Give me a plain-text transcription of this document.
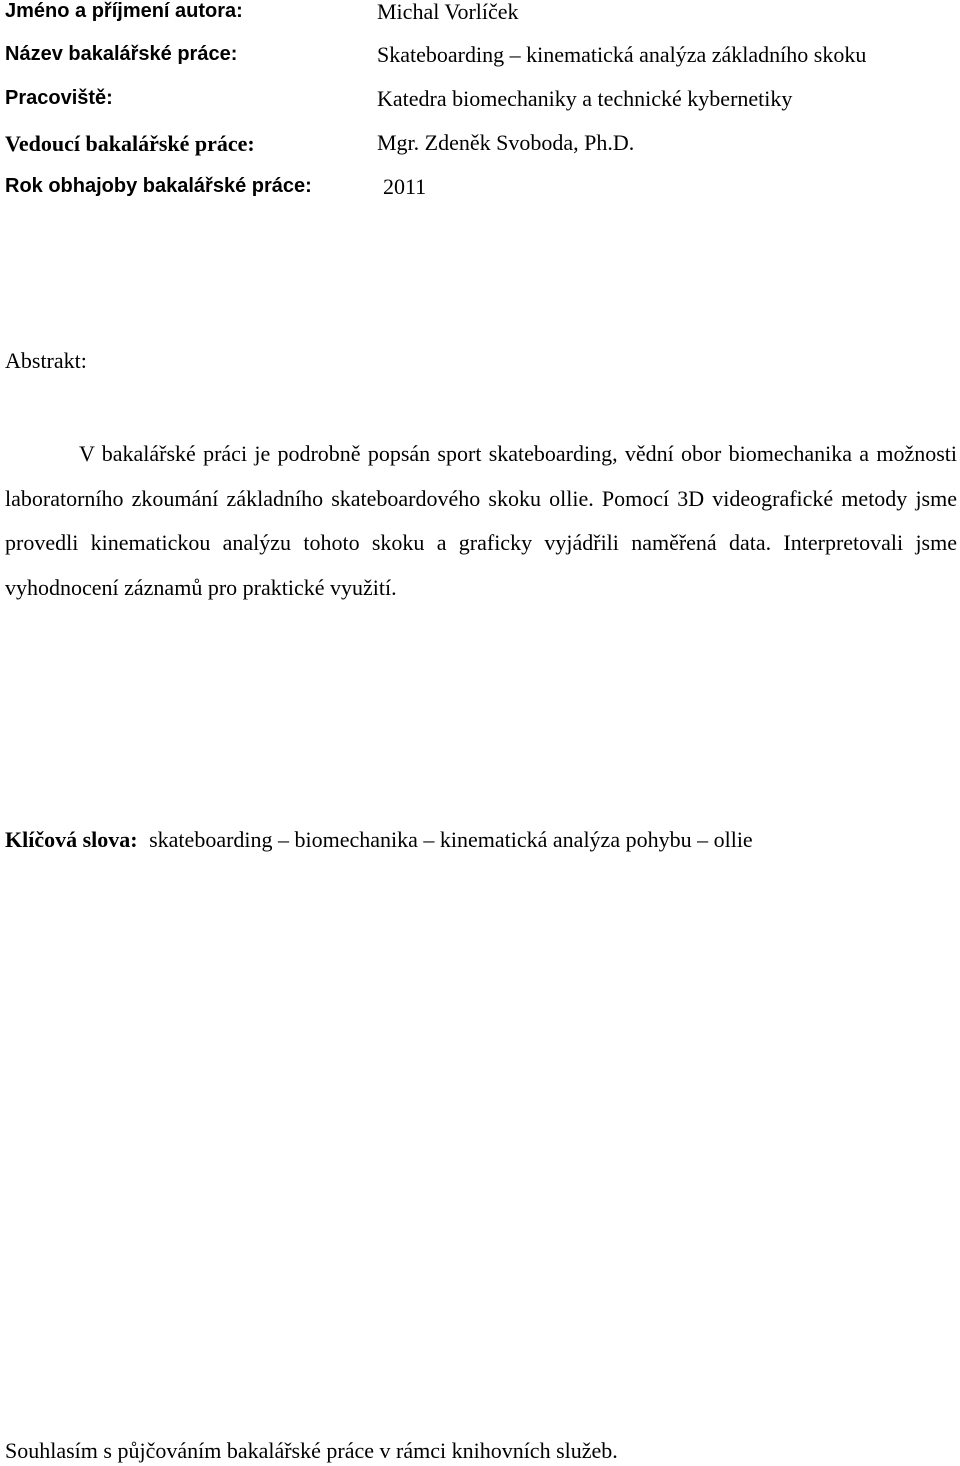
Jméno a příjmení autora:	Michal Vorlíček
Název bakalářské práce:	Skateboarding – kinematická analýza základního skoku
Pracoviště:	Katedra biomechaniky a technické kybernetiky
Vedoucí bakalářské práce:	Mgr. Zdeněk Svoboda, Ph.D.
Rok obhajoby bakalářské práce:	2011
Abstrakt:

V bakalářské práci je podrobně popsán sport skateboarding, vědní obor biomechanika a možnosti laboratorního zkoumání základního skateboardového skoku ollie. Pomocí 3D videografické metody jsme provedli kinematickou analýzu tohoto skoku a graficky vyjádřili naměřená data. Interpretovali jsme vyhodnocení záznamů pro praktické využití.

Klíčová slova: skateboarding – biomechanika – kinematická analýza pohybu – ollie
Souhlasím s půjčováním bakalářské práce v rámci knihovních služeb.
